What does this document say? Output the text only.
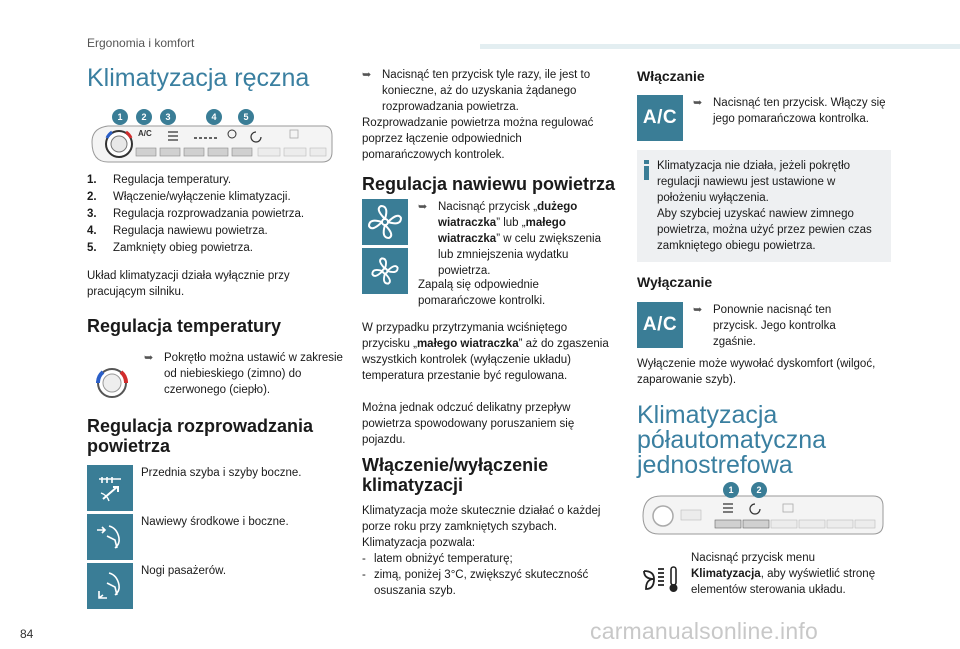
Ergonomia i komfort
Klimatyzacja ręczna
A/C
1	2	3	4	5
1.	Regulacja temperatury.
2.	Włączenie/wyłączenie klimatyzacji.
3.	Regulacja rozprowadzania powietrza.
4.	Regulacja nawiewu powietrza.
5.	Zamknięty obieg powietrza.
Układ klimatyzacji działa wyłącznie przy pracującym silniku.
Regulacja temperatury
➥ Pokrętło można ustawić w zakresie od niebieskiego (zimno) do czerwonego (ciepło).
Regulacja rozprowadzania
powietrza
Przednia szyba i szyby boczne.
Nawiewy środkowe i boczne.
Nogi pasażerów.
➥ Nacisnąć ten przycisk tyle razy, ile jest to konieczne, aż do uzyskania żądanego rozprowadzania powietrza.
Rozprowadzanie powietrza można regulować poprzez łączenie odpowiednich pomarańczowych kontrolek.
Regulacja nawiewu powietrza
➥ Nacisnąć przycisk „dużego wiatraczka” lub „małego wiatraczka” w celu zwiększenia lub zmniejszenia wydatku powietrza.
Zapalą się odpowiednie pomarańczowe kontrolki.
W przypadku przytrzymania wciśniętego przycisku „małego wiatraczka” aż do zgaszenia wszystkich kontrolek (wyłączenie układu) temperatura przestanie być regulowana.
Można jednak odczuć delikatny przepływ powietrza spowodowany poruszaniem się pojazdu.
Włączenie/wyłączenie
klimatyzacji
Klimatyzacja może skutecznie działać o każdej porze roku przy zamkniętych szybach.
Klimatyzacja pozwala:
- latem obniżyć temperaturę;
- zimą, poniżej 3°C, zwiększyć skuteczność osuszania szyb.
Włączanie
A/C
➥ Nacisnąć ten przycisk. Włączy się jego pomarańczowa kontrolka.
Klimatyzacja nie działa, jeżeli pokrętło regulacji nawiewu jest ustawione w położeniu wyłączenia.
Aby szybciej uzyskać nawiew zimnego powietrza, można użyć przez pewien czas zamkniętego obiegu powietrza.
Wyłączanie
A/C
➥ Ponownie nacisnąć ten przycisk. Jego kontrolka zgaśnie.
Wyłączenie może wywołać dyskomfort (wilgoć, zaparowanie szyb).
Klimatyzacja
półautomatyczna
jednostrefowa
1	2
Nacisnąć przycisk menu Klimatyzacja, aby wyświetlić stronę elementów sterowania układu.
84	carmanualsonline.info
